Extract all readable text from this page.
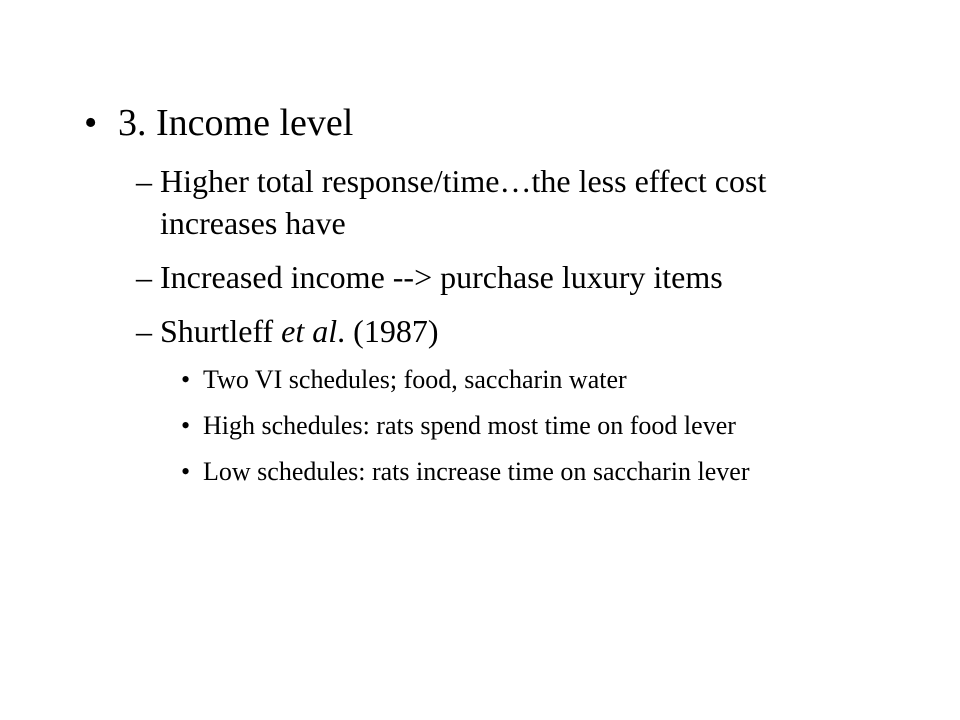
• 3. Income level
– Higher total response/time…the less effect cost increases have
– Increased income --> purchase luxury items
– Shurtleff et al. (1987)
• Two VI schedules; food, saccharin water
• High schedules: rats spend most time on food lever
• Low schedules: rats increase time on saccharin lever
